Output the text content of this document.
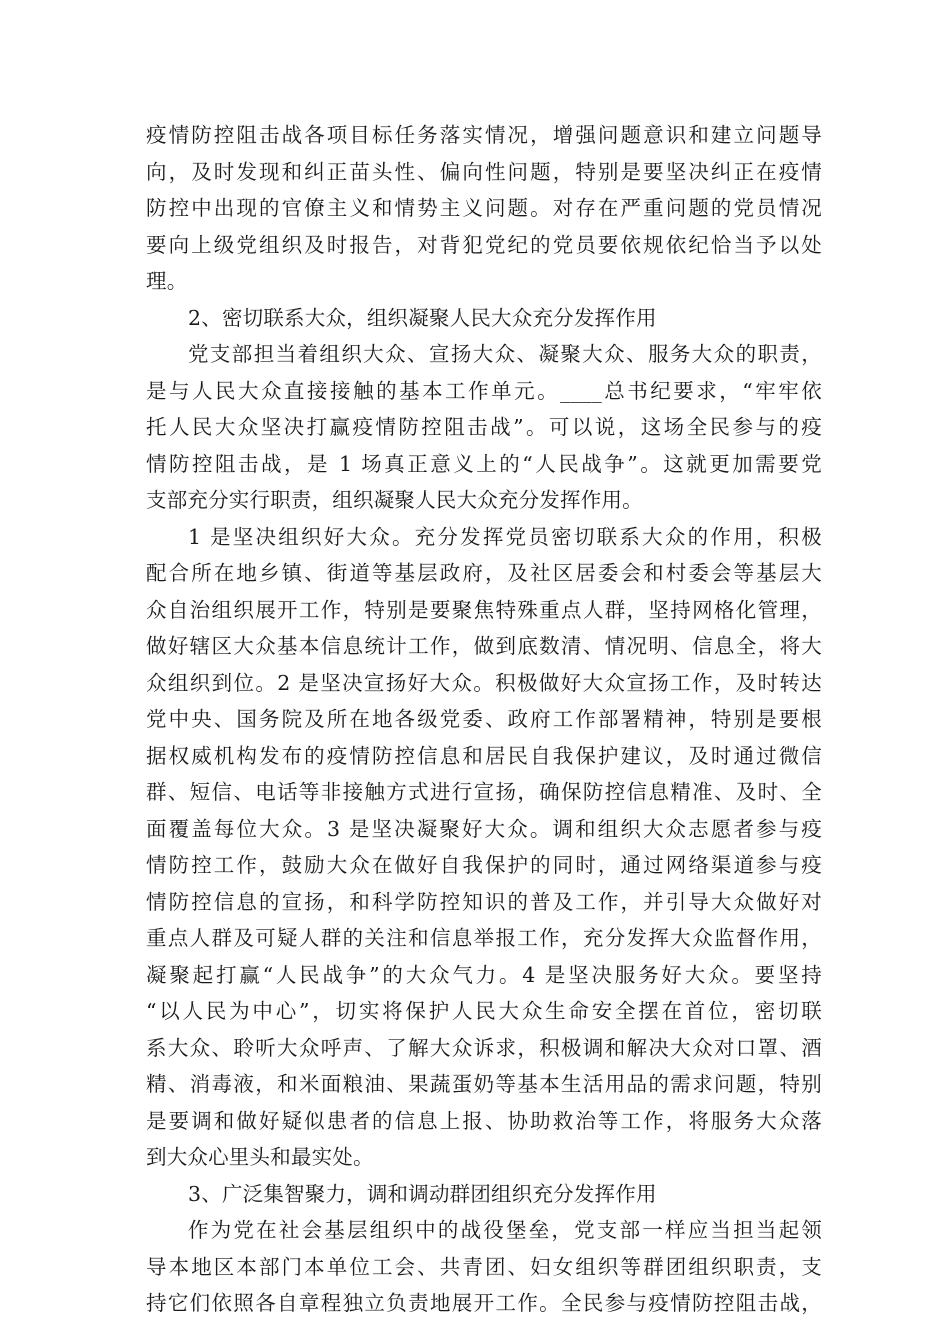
疫情防控阻击战各项目标任务落实情况，增强问题意识和建立问题导
向，及时发现和纠正苗头性、偏向性问题，特别是要坚决纠正在疫情
防控中出现的官僚主义和情势主义问题。对存在严重问题的党员情况
要向上级党组织及时报告，对背犯党纪的党员要依规依纪恰当予以处
理。
2、密切联系大众，组织凝聚人民大众充分发挥作用
党支部担当着组织大众、宣扬大众、凝聚大众、服务大众的职责，
是与人民大众直接接触的基本工作单元。____总书纪要求，“牢牢依
托人民大众坚决打赢疫情防控阻击战”。可以说，这场全民参与的疫
情防控阻击战，是 1 场真正意义上的“人民战争”。这就更加需要党
支部充分实行职责，组织凝聚人民大众充分发挥作用。
1 是坚决组织好大众。充分发挥党员密切联系大众的作用，积极
配合所在地乡镇、街道等基层政府，及社区居委会和村委会等基层大
众自治组织展开工作，特别是要聚焦特殊重点人群，坚持网格化管理，
做好辖区大众基本信息统计工作，做到底数清、情况明、信息全，将大
众组织到位。2 是坚决宣扬好大众。积极做好大众宣扬工作，及时转达
党中央、国务院及所在地各级党委、政府工作部署精神，特别是要根
据权威机构发布的疫情防控信息和居民自我保护建议，及时通过微信
群、短信、电话等非接触方式进行宣扬，确保防控信息精准、及时、全
面覆盖每位大众。3 是坚决凝聚好大众。调和组织大众志愿者参与疫
情防控工作，鼓励大众在做好自我保护的同时，通过网络渠道参与疫
情防控信息的宣扬，和科学防控知识的普及工作，并引导大众做好对
重点人群及可疑人群的关注和信息举报工作，充分发挥大众监督作用，
凝聚起打赢“人民战争”的大众气力。4 是坚决服务好大众。要坚持
“以人民为中心”，切实将保护人民大众生命安全摆在首位，密切联
系大众、聆听大众呼声、了解大众诉求，积极调和解决大众对口罩、酒
精、消毒液，和米面粮油、果蔬蛋奶等基本生活用品的需求问题，特别
是要调和做好疑似患者的信息上报、协助救治等工作，将服务大众落
到大众心里头和最实处。
3、广泛集智聚力，调和调动群团组织充分发挥作用
作为党在社会基层组织中的战役堡垒，党支部一样应当担当起领
导本地区本部门本单位工会、共青团、妇女组织等群团组织职责，支
持它们依照各自章程独立负责地展开工作。全民参与疫情防控阻击战，
